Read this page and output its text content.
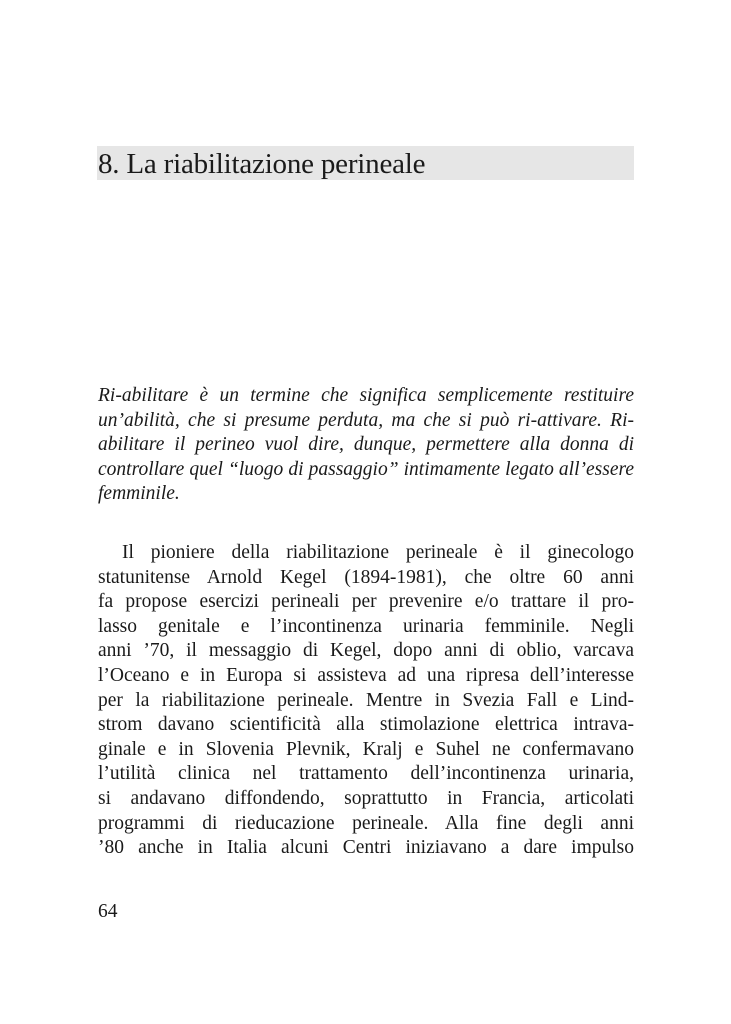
8. La riabilitazione perineale
Ri-abilitare è un termine che significa semplicemente restituire
un’abilità, che si presume perduta, ma che si può ri-attivare. Ri-
abilitare il perineo vuol dire, dunque, permettere alla donna di
controllare quel “luogo di passaggio” intimamente legato all’essere
femminile.
Il pioniere della riabilitazione perineale è il ginecologo
statunitense Arnold Kegel (1894-1981), che oltre 60 anni
fa propose esercizi perineali per prevenire e/o trattare il pro-
lasso genitale e l’incontinenza urinaria femminile. Negli
anni ’70, il messaggio di Kegel, dopo anni di oblio, varcava
l’Oceano e in Europa si assisteva ad una ripresa dell’interesse
per la riabilitazione perineale. Mentre in Svezia Fall e Lind-
strom davano scientificità alla stimolazione elettrica intrava-
ginale e in Slovenia Plevnik, Kralj e Suhel ne confermavano
l’utilità clinica nel trattamento dell’incontinenza urinaria,
si andavano diffondendo, soprattutto in Francia, articolati
programmi di rieducazione perineale. Alla fine degli anni
’80 anche in Italia alcuni Centri iniziavano a dare impulso
64
